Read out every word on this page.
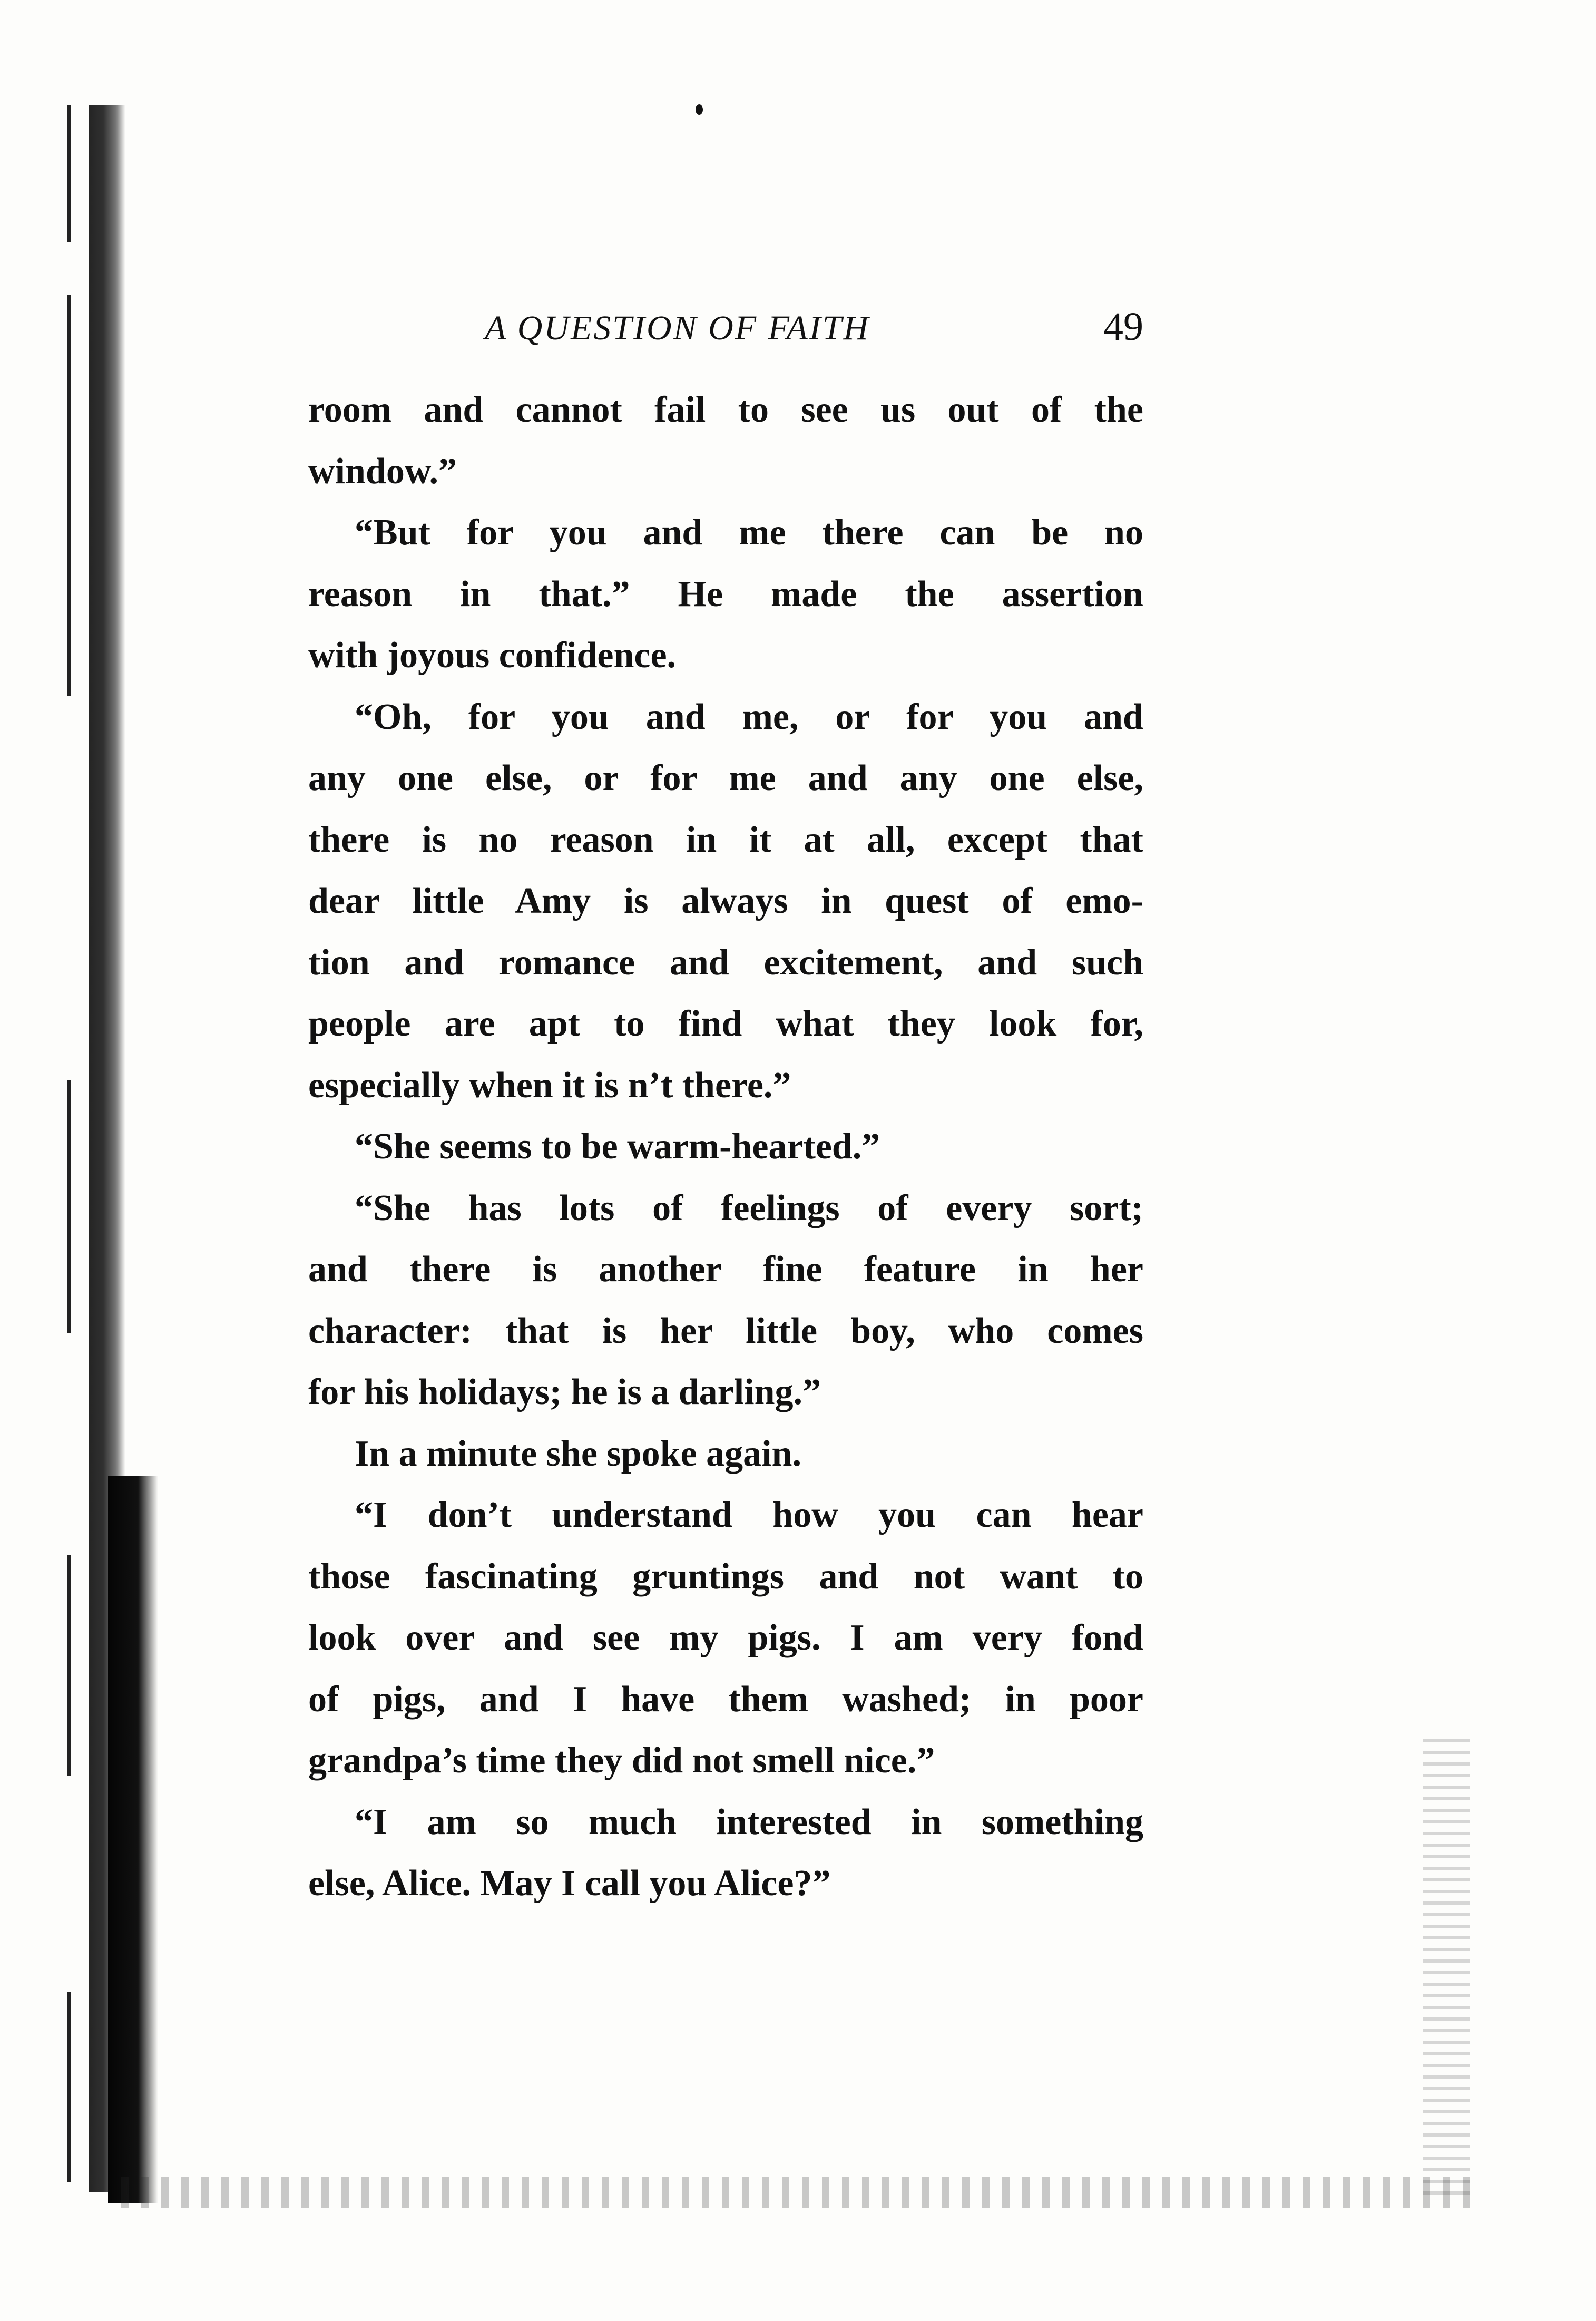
A QUESTION OF FAITH	49
room and cannot fail to see us out of the
window.”
“But for you and me there can be no
reason in that.” He made the assertion
with joyous confidence.
“Oh, for you and me, or for you and
any one else, or for me and any one else,
there is no reason in it at all, except that
dear little Amy is always in quest of emo-
tion and romance and excitement, and such
people are apt to find what they look for,
especially when it is n’t there.”
“She seems to be warm-hearted.”
“She has lots of feelings of every sort;
and there is another fine feature in her
character: that is her little boy, who comes
for his holidays; he is a darling.”
In a minute she spoke again.
“I don’t understand how you can hear
those fascinating gruntings and not want to
look over and see my pigs. I am very fond
of pigs, and I have them washed; in poor
grandpa’s time they did not smell nice.”
“I am so much interested in something
else, Alice. May I call you Alice?”
